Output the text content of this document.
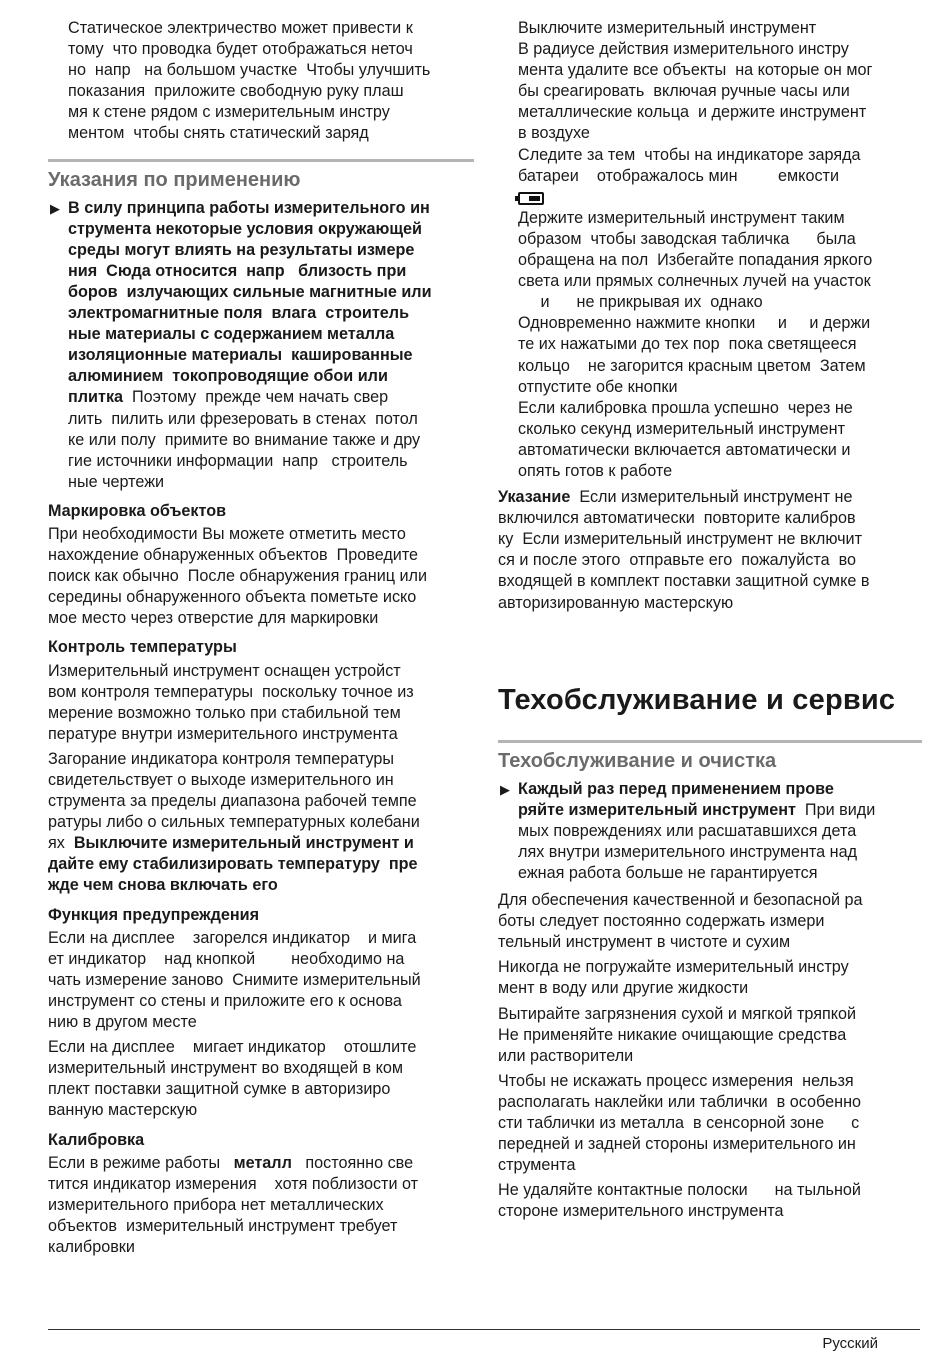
Статическое электричество может привести к

тому  что проводка будет отображаться неточ

но  напр   на большом участке  Чтобы улучшить

показания  приложите свободную руку плаш

мя к стене рядом с измерительным инстру

ментом  чтобы снять статический заряд

Указания по применению
▶ В силу принципа работы измерительного ин

струмента некоторые условия окружающей

среды могут влиять на результаты измере

ния  Сюда относится  напр   близость при

боров  излучающих сильные магнитные или

электромагнитные поля  влага  строитель

ные материалы с содержанием металла

изоляционные материалы  кашированные

алюминием  токопроводящие обои или

плитка  Поэтому  прежде чем начать свер

лить  пилить или фрезеровать в стенах  потол

ке или полу  примите во внимание также и дру

гие источники информации  напр   строитель

ные чертежи

Маркировка объектов

При необходимости Вы можете отметить место

нахождение обнаруженных объектов  Проведите

поиск как обычно  После обнаружения границ или

середины обнаруженного объекта пометьте иско

мое место через отверстие для маркировки

Контроль температуры

Измерительный инструмент оснащен устройст

вом контроля температуры  поскольку точное из

мерение возможно только при стабильной тем

пературе внутри измерительного инструмента

Загорание индикатора контроля температуры

свидетельствует о выходе измерительного ин

струмента за пределы диапазона рабочей темпе

ратуры либо о сильных температурных колебани

ях  Выключите измерительный инструмент и

дайте ему стабилизировать температуру  пре

жде чем снова включать его

Функция предупреждения

Если на дисплее    загорелся индикатор    и мига

ет индикатор    над кнопкой        необходимо на

чать измерение заново  Снимите измерительный

инструмент со стены и приложите его к основа

нию в другом месте

Если на дисплее    мигает индикатор    отошлите

измерительный инструмент во входящей в ком

плект поставки защитной сумке в авторизиро

ванную мастерскую

Калибровка

Если в режиме работы   металл   постоянно све

тится индикатор измерения    хотя поблизости от

измерительного прибора нет металлических

объектов  измерительный инструмент требует

калибровки

Выключите измерительный инструмент

В радиусе действия измерительного инстру

мента удалите все объекты  на которые он мог

бы среагировать  включая ручные часы или

металлические кольца  и держите инструмент

в воздухе

Следите за тем  чтобы на индикаторе заряда

батареи    отображалось мин         емкости

Держите измерительный инструмент таким

образом  чтобы заводская табличка      была

обращена на пол  Избегайте попадания яркого

света или прямых солнечных лучей на участок

и      не прикрывая их  однако

Одновременно нажмите кнопки     и     и держи

те их нажатыми до тех пор  пока светящееся

кольцо    не загорится красным цветом  Затем

отпустите обе кнопки

Если калибровка прошла успешно  через не

сколько секунд измерительный инструмент

автоматически включается автоматически и

опять готов к работе

Указание  Если измерительный инструмент не

включился автоматически  повторите калибров

ку  Если измерительный инструмент не включит

ся и после этого  отправьте его  пожалуйста  во

входящей в комплект поставки защитной сумке в

авторизированную мастерскую

Техобслуживание и сервис
Техобслуживание и очистка
▶ Каждый раз перед применением прове

ряйте измерительный инструмент  При види

мых повреждениях или расшатавшихся дета

лях внутри измерительного инструмента над

ежная работа больше не гарантируется

Для обеспечения качественной и безопасной ра

боты следует постоянно содержать измери

тельный инструмент в чистоте и сухим

Никогда не погружайте измерительный инстру

мент в воду или другие жидкости

Вытирайте загрязнения сухой и мягкой тряпкой

Не применяйте никакие очищающие средства

или растворители

Чтобы не искажать процесс измерения  нельзя

располагать наклейки или таблички  в особенно

сти таблички из металла  в сенсорной зоне      с

передней и задней стороны измерительного ин

струмента

Не удаляйте контактные полоски      на тыльной

стороне измерительного инструмента

Русский
